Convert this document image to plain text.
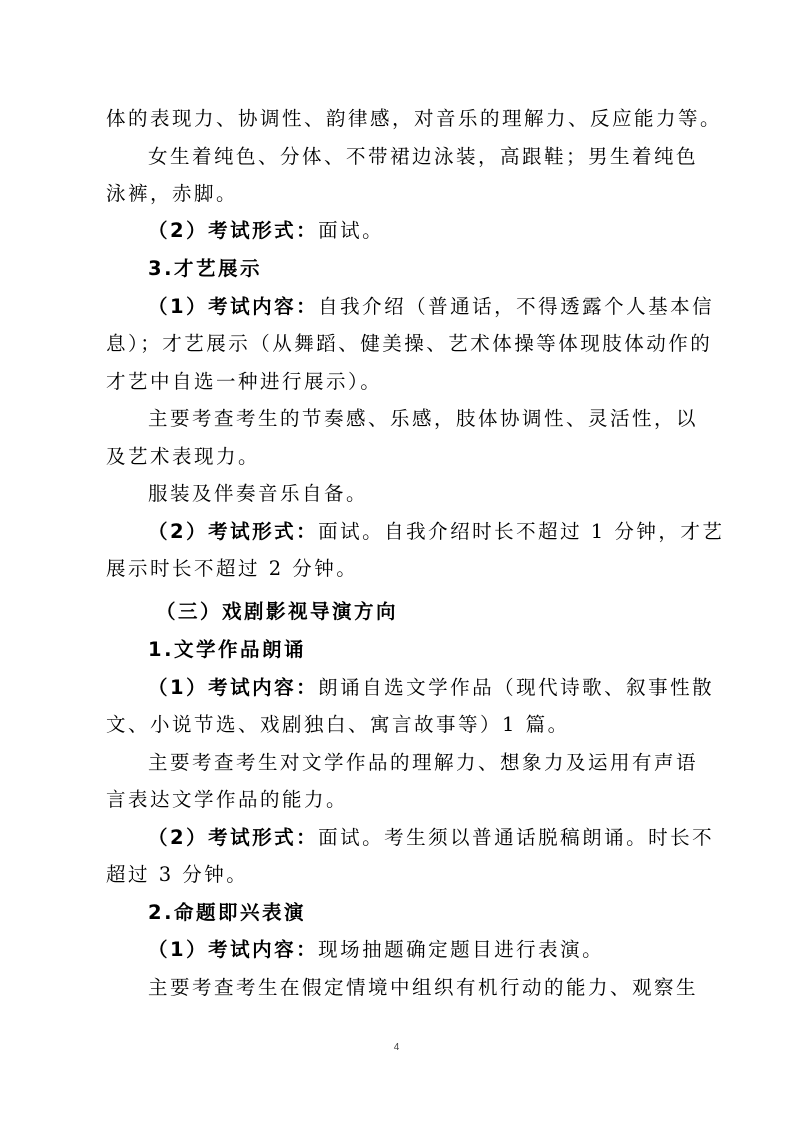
体的表现力、协调性、韵律感，对音乐的理解力、反应能力等。
女生着纯色、分体、不带裙边泳装，高跟鞋；男生着纯色
泳裤，赤脚。
（2）考试形式：面试。
3.才艺展示
（1）考试内容：自我介绍（普通话，不得透露个人基本信
息）；才艺展示（从舞蹈、健美操、艺术体操等体现肢体动作的
才艺中自选一种进行展示）。
主要考查考生的节奏感、乐感，肢体协调性、灵活性，以
及艺术表现力。
服装及伴奏音乐自备。
（2）考试形式：面试。自我介绍时长不超过 1 分钟，才艺
展示时长不超过 2 分钟。
（三）戏剧影视导演方向
1.文学作品朗诵
（1）考试内容：朗诵自选文学作品（现代诗歌、叙事性散
文、小说节选、戏剧独白、寓言故事等）1 篇。
主要考查考生对文学作品的理解力、想象力及运用有声语
言表达文学作品的能力。
（2）考试形式：面试。考生须以普通话脱稿朗诵。时长不
超过 3 分钟。
2.命题即兴表演
（1）考试内容：现场抽题确定题目进行表演。
主要考查考生在假定情境中组织有机行动的能力、观察生
4
